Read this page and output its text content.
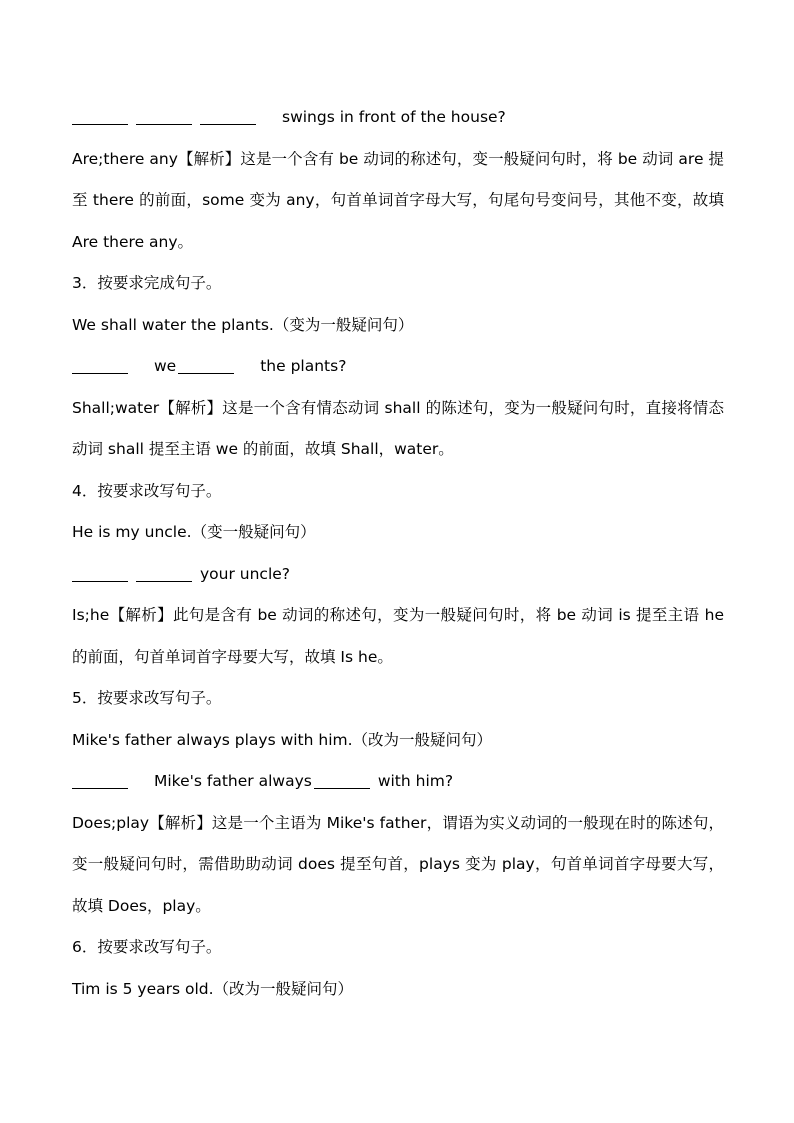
swings in front of the house?
Are;there any【解析】这是一个含有 be 动词的称述句，变一般疑问句时，将 be 动词 are 提至 there 的前面，some 变为 any，句首单词首字母大写，句尾句号变问号，其他不变，故填 Are there any。
3．按要求完成句子。
We shall water the plants.（变为一般疑问句）
we	the plants?
Shall;water【解析】这是一个含有情态动词 shall 的陈述句，变为一般疑问句时，直接将情态动词 shall 提至主语 we 的前面，故填 Shall，water。
4．按要求改写句子。
He is my uncle.（变一般疑问句）
your uncle?
Is;he【解析】此句是含有 be 动词的称述句，变为一般疑问句时，将 be 动词 is 提至主语 he 的前面，句首单词首字母要大写，故填 Is he。
5．按要求改写句子。
Mike's father always plays with him.（改为一般疑问句）
Mike's father always	with him?
Does;play【解析】这是一个主语为 Mike's father，谓语为实义动词的一般现在时的陈述句，变一般疑问句时，需借助助动词 does 提至句首，plays 变为 play，句首单词首字母要大写，故填 Does，play。
6．按要求改写句子。
Tim is 5 years old.（改为一般疑问句）
